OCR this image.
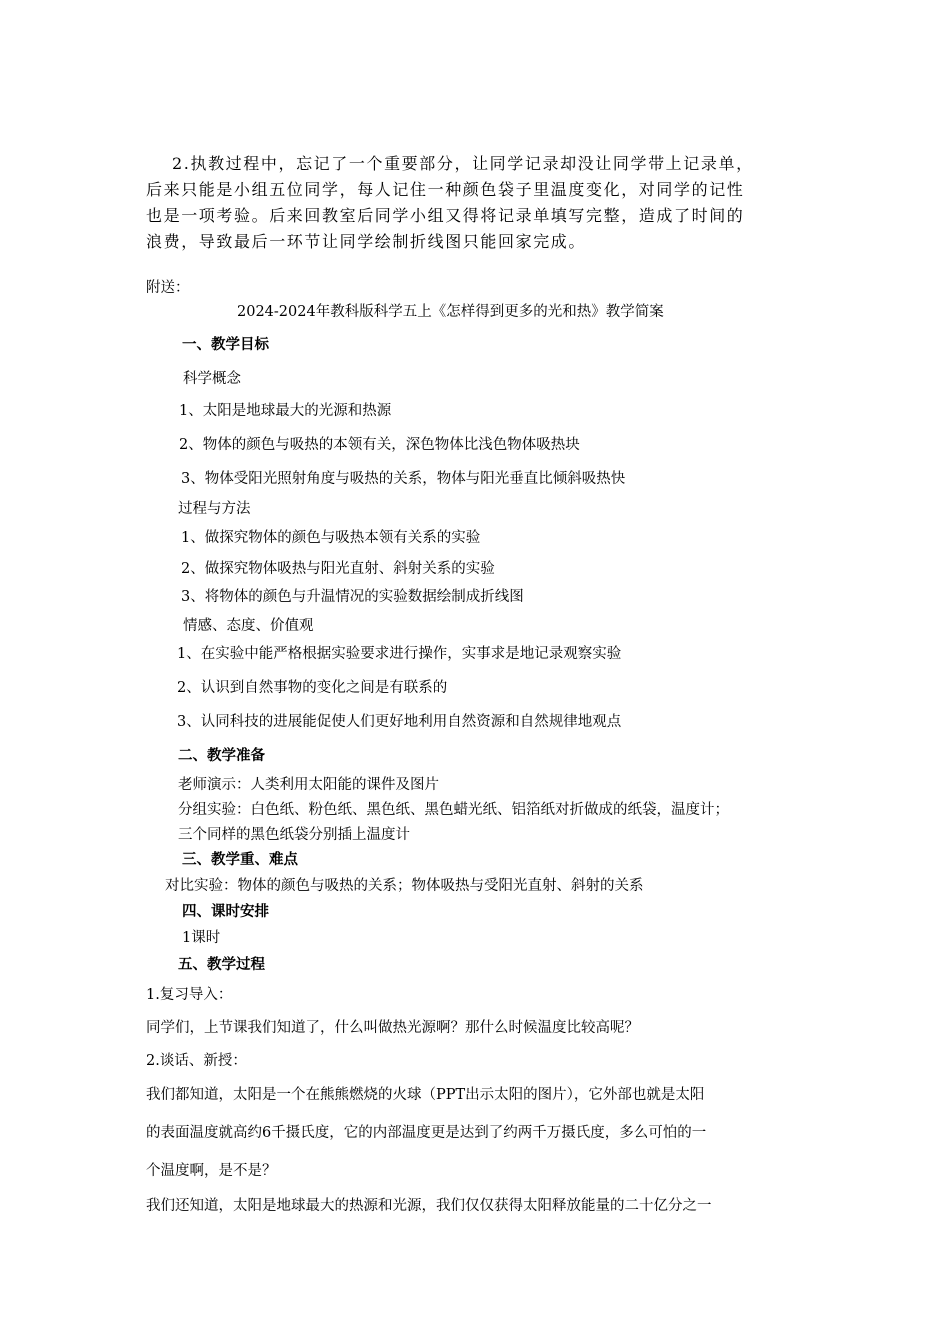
2.执教过程中，忘记了一个重要部分，让同学记录却没让同学带上记录单，
后来只能是小组五位同学，每人记住一种颜色袋子里温度变化，对同学的记性
也是一项考验。后来回教室后同学小组又得将记录单填写完整，造成了时间的
浪费，导致最后一环节让同学绘制折线图只能回家完成。
附送：
2024-2024年教科版科学五上《怎样得到更多的光和热》教学简案
一、教学目标
科学概念
1、太阳是地球最大的光源和热源
2、物体的颜色与吸热的本领有关，深色物体比浅色物体吸热块
3、物体受阳光照射角度与吸热的关系，物体与阳光垂直比倾斜吸热快
过程与方法
1、做探究物体的颜色与吸热本领有关系的实验
2、做探究物体吸热与阳光直射、斜射关系的实验
3、将物体的颜色与升温情况的实验数据绘制成折线图
情感、态度、价值观
1、在实验中能严格根据实验要求进行操作，实事求是地记录观察实验
2、认识到自然事物的变化之间是有联系的
3、认同科技的进展能促使人们更好地利用自然资源和自然规律地观点
二、教学准备
老师演示：人类利用太阳能的课件及图片
分组实验：白色纸、粉色纸、黑色纸、黑色蜡光纸、铝箔纸对折做成的纸袋，温度计；
三个同样的黑色纸袋分别插上温度计
三、教学重、难点
对比实验：物体的颜色与吸热的关系；物体吸热与受阳光直射、斜射的关系
四、课时安排
1课时
五、教学过程
1.复习导入：
同学们，上节课我们知道了，什么叫做热光源啊？那什么时候温度比较高呢？
2.谈话、新授：
我们都知道，太阳是一个在熊熊燃烧的火球（PPT出示太阳的图片），它外部也就是太阳
的表面温度就高约6千摄氏度，它的内部温度更是达到了约两千万摄氏度，多么可怕的一
个温度啊，是不是？
我们还知道，太阳是地球最大的热源和光源，我们仅仅获得太阳释放能量的二十亿分之一
